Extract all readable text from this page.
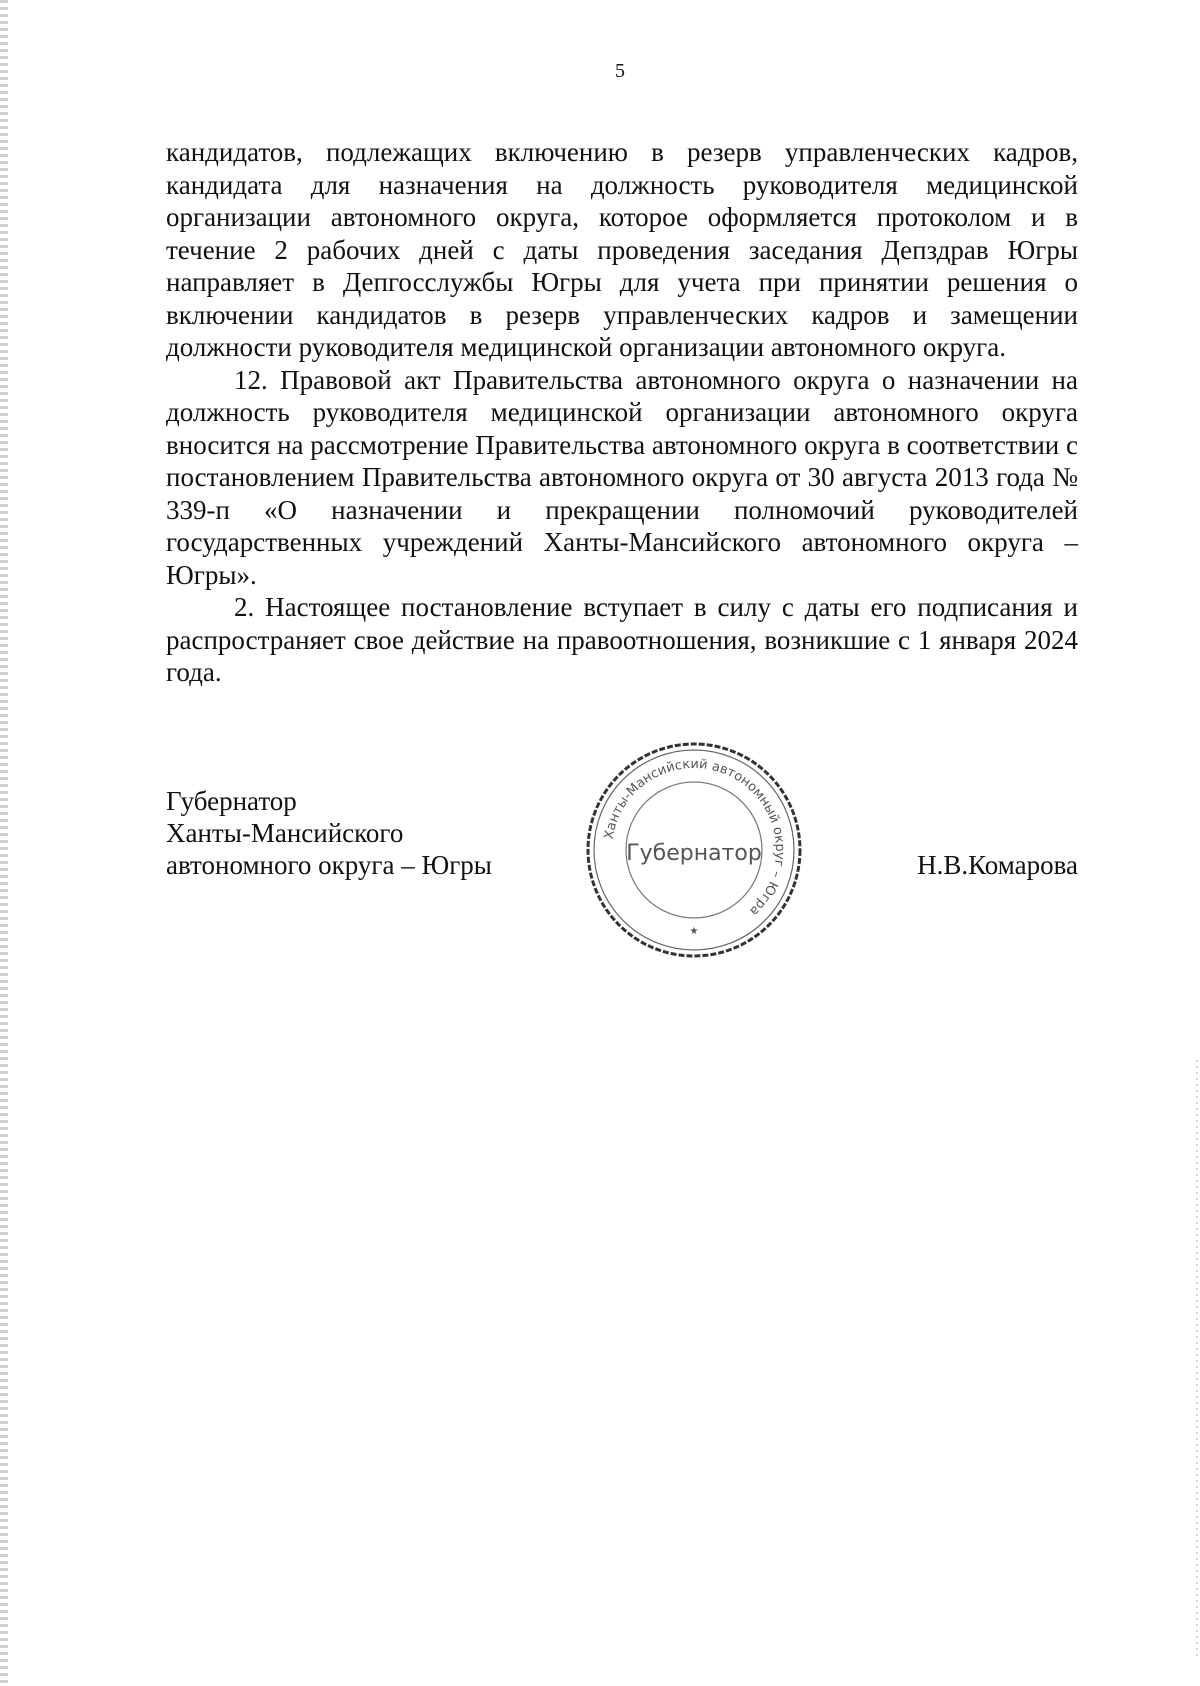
5

кандидатов, подлежащих включению в резерв управленческих кадров, кандидата для назначения на должность руководителя медицинской организации автономного округа, которое оформляется протоколом и в течение 2 рабочих дней с даты проведения заседания Депздрав Югры направляет в Депгосслужбы Югры для учета при принятии решения о включении кандидатов в резерв управленческих кадров и замещении должности руководителя медицинской организации автономного округа.

12. Правовой акт Правительства автономного округа о назначении на должность руководителя медицинской организации автономного округа вносится на рассмотрение Правительства автономного округа в соответствии с постановлением Правительства автономного округа от 30 августа 2013 года № 339-п «О назначении и прекращении полномочий руководителей государственных учреждений Ханты-Мансийского автономного округа – Югры».

2. Настоящее постановление вступает в силу с даты его подписания и распространяет свое действие на правоотношения, возникшие с 1 января 2024 года.

Губернатор
Ханты-Мансийского
автономного округа – Югры
Ханты-Мансийский автономный округ – Югра
Губернатор
★
Н.В.Комарова
